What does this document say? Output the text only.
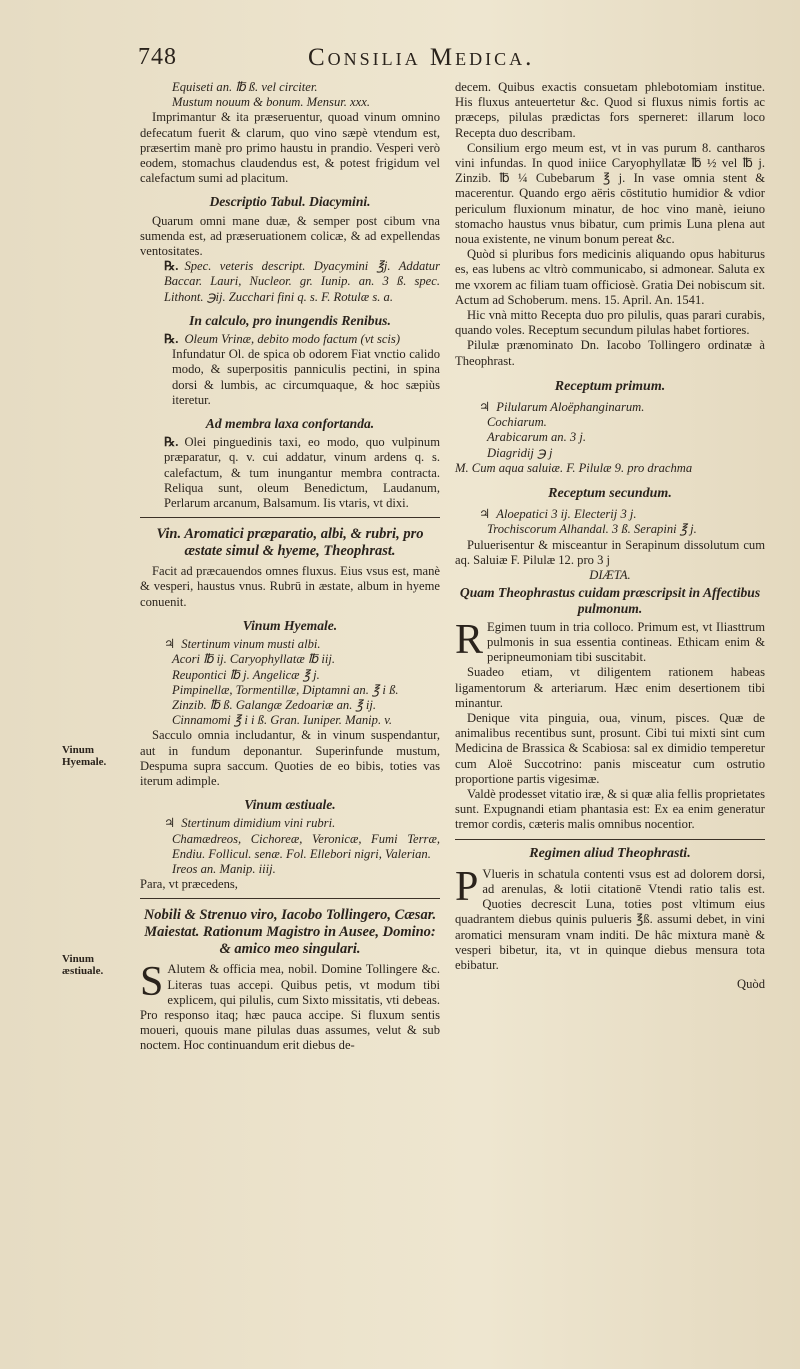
748	Consilia Medica.
Vinum Hyemale.
Vinum æstiuale.

Equiseti an. ℔ ß. vel circiter.

Mustum nouum & bonum. Mensur. xxx.

Imprimantur & ita præseruentur, quoad vinum omnino defecatum fuerit & clarum, quo vino sæpè vtendum est, præsertim manè pro primo haustu in prandio. Vesperi verò eodem, stomachus claudendus est, & potest frigidum vel calefactum sumi ad placitum.

Descriptio Tabul. Diacymini.

Quarum omni mane duæ, & semper post cibum vna sumenda est, ad præseruationem colicæ, & ad expellendas ventositates.

℞. Spec. veteris descript. Dyacymini ℥j. Addatur Baccar. Lauri, Nucleor. gr. Iunip. an. 3 ß. spec. Lithont. ℈ij. Zucchari fini q. s. F. Rotulæ s. a.

In calculo, pro inungendis Renibus.

℞. Oleum Vrinæ, debito modo factum (vt scis)

Infundatur Ol. de spica ob odorem Fiat vnctio calido modo, & superpositis panniculis pectini, in spina dorsi & lumbis, ac circumquaque, & hoc sæpiùs iteretur.

Ad membra laxa confortanda.

℞. Olei pinguedinis taxi, eo modo, quo vulpinum præparatur, q. v. cui addatur, vinum ardens q. s. calefactum, & tum inungantur membra contracta. Reliqua sunt, oleum Benedictum, Laudanum, Perlarum arcanum, Balsamum. Iis vtaris, vt dixi.

Vin. Aromatici præparatio, albi, & rubri, pro æstate simul & hyeme, Theophrast.

Facit ad præcauendos omnes fluxus. Eius vsus est, manè & vesperi, haustus vnus. Rubrū in æstate, album in hyeme conuenit.

Vinum Hyemale.

♃ Stertinum vinum musti albi.

Acori ℔ ij. Caryophyllatæ ℔ iij.

Reupontici ℔ j. Angelicæ ℥ j.

Pimpinellæ, Tormentillæ, Diptamni an. ℥ i ß.

Zinzib. ℔ ß. Galangæ Zedoariæ an. ℥ ij.

Cinnamomi ℥ i i ß. Gran. Iuniper. Manip. v.

Sacculo omnia includantur, & in vinum suspendantur, aut in fundum deponantur. Superinfunde mustum, Despuma supra saccum. Quoties de eo bibis, toties vas iterum adimple.

Vinum æstiuale.

♃ Stertinum dimidium vini rubri.

Chamædreos, Cichoreæ, Veronicæ, Fumi Terræ, Endiu. Follicul. senæ. Fol. Ellebori nigri, Valerian.

Ireos an. Manip. iiij.

Para, vt præcedens,

Nobili & Strenuo viro, Iacobo Tollingero, Cæsar. Maiestat. Rationum Magistro in Ausee, Domino: & amico meo singulari.

S Alutem & officia mea, nobil. Domine Tollingere &c. Literas tuas accepi. Quibus petis, vt modum tibi explicem, qui pilulis, cum Sixto missitatis, vti debeas. Pro responso itaq; hæc pauca accipe. Si fluxum sentis moueri, quouis mane pilulas duas assumes, velut & sub noctem. Hoc continuandum erit diebus de-

decem. Quibus exactis consuetam phlebotomiam institue. His fluxus anteuertetur &c. Quod si fluxus nimis fortis ac præceps, pilulas prædictas fors sperneret: illarum loco Recepta duo describam.

Consilium ergo meum est, vt in vas purum 8. cantharos vini infundas. In quod iniice Caryophyllatæ ℔ ½ vel ℔ j. Zinzib. ℔ ¼ Cubebarum ℥ j. In vase omnia stent & macerentur. Quando ergo aëris cōstitutio humidior & vdior periculum fluxionum minatur, de hoc vino manè, ieiuno stomacho haustus vnus bibatur, cum primis Luna plena aut noua existente, ne vinum bonum pereat &c.

Quòd si pluribus fors medicinis aliquando opus habiturus es, eas lubens ac vltrò communicabo, si admonear. Saluta ex me vxorem ac filiam tuam officiosè. Gratia Dei nobiscum sit. Actum ad Schoberum. mens. 15. April. An. 1541.

Hic vnà mitto Recepta duo pro pilulis, quas parari curabis, quando voles. Receptum secundum pilulas habet fortiores.

Pilulæ prænominato Dn. Iacobo Tollingero ordinatæ à Theophrast.

Receptum primum.

♃ Pilularum Aloëphanginarum.

Cochiarum.

Arabicarum an. 3 j.

Diagridij ℈ j

M. Cum aqua saluiæ. F. Pilulæ 9. pro drachma

Receptum secundum.

♃ Aloepatici 3 ij. Electerij 3 j.

Trochiscorum Alhandal. 3 ß. Serapini ℥ j.

Puluerisentur & misceantur in Serapinum dissolutum cum aq. Saluiæ F. Pilulæ 12. pro 3 j

DIÆTA.
Quam Theophrastus cuidam præscripsit in Affectibus pulmonum.

R Egimen tuum in tria colloco. Primum est, vt Iliasttrum pulmonis in sua essentia contineas. Ethicam enim & peripneumoniam tibi suscitabit.

Suadeo etiam, vt diligentem rationem habeas ligamentorum & arteriarum. Hæc enim desertionem tibi minantur.

Denique vita pinguia, oua, vinum, pisces. Quæ de animalibus recentibus sunt, prosunt. Cibi tui mixti sint cum Medicina de Brassica & Scabiosa: sal ex dimidio temperetur cum Aloë Succotrino: panis misceatur cum ostrutio proportione partis vigesimæ.

Valdè prodesset vitatio iræ, & si quæ alia fellis proprietates sunt. Expugnandi etiam phantasia est: Ex ea enim generatur tremor cordis, cæteris malis omnibus nocentior.

Regimen aliud Theophrasti.

P Vlueris in schatula contenti vsus est ad dolorem dorsi, ad arenulas, & lotii citationē Vtendi ratio talis est. Quoties decrescit Luna, toties post vltimum eius quadrantem diebus quinis pulueris ℥ß. assumi debet, in vini aromatici mensuram vnam inditi. De hâc mixtura manè & vesperi bibetur, ita, vt in quinque diebus mensura tota ebibatur.

Quòd
